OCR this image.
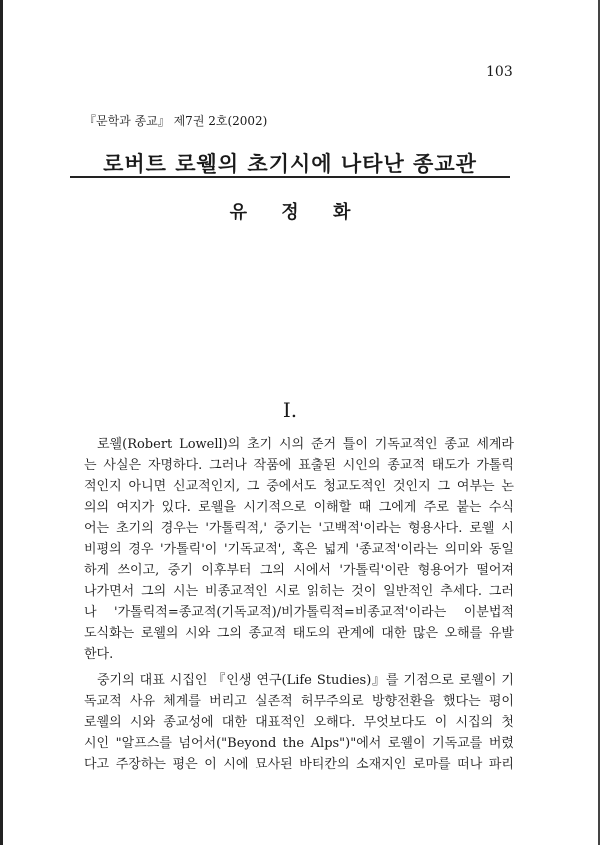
103
『문학과 종교』 제7권 2호(2002)
로버트 로웰의 초기시에 나타난 종교관
유 정 화
I.
로웰(Robert Lowell)의 초기 시의 준거 틀이 기독교적인 종교 세계라
는 사실은 자명하다. 그러나 작품에 표출된 시인의 종교적 태도가 가톨릭
적인지 아니면 신교적인지, 그 중에서도 청교도적인 것인지 그 여부는 논
의의 여지가 있다. 로웰을 시기적으로 이해할 때 그에게 주로 붙는 수식
어는 초기의 경우는 '가톨릭적,' 중기는 '고백적'이라는 형용사다. 로웰 시
비평의 경우 '가톨릭'이 '기독교적', 혹은 넓게 '종교적'이라는 의미와 동일
하게 쓰이고, 중기 이후부터 그의 시에서 '가톨릭'이란 형용어가 떨어져
나가면서 그의 시는 비종교적인 시로 읽히는 것이 일반적인 추세다. 그러
나 '가톨릭적=종교적(기독교적)/비가톨릭적=비종교적'이라는 이분법적
도식화는 로웰의 시와 그의 종교적 태도의 관계에 대한 많은 오해를 유발
한다.
중기의 대표 시집인 『인생 연구(Life Studies)』를 기점으로 로웰이 기
독교적 사유 체계를 버리고 실존적 허무주의로 방향전환을 했다는 평이
로웰의 시와 종교성에 대한 대표적인 오해다. 무엇보다도 이 시집의 첫
시인 "알프스를 넘어서("Beyond the Alps")"에서 로웰이 기독교를 버렸
다고 주장하는 평은 이 시에 묘사된 바티칸의 소재지인 로마를 떠나 파리
